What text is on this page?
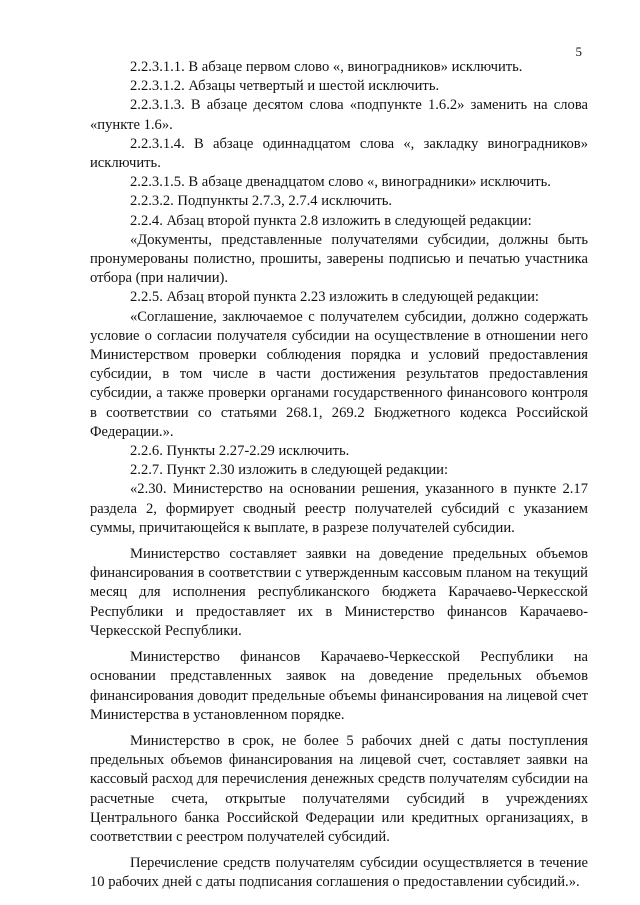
5

2.2.3.1.1. В абзаце первом слово «, виноградников» исключить.

2.2.3.1.2. Абзацы четвертый и шестой исключить.

2.2.3.1.3. В абзаце десятом слова «подпункте 1.6.2» заменить на слова «пункте 1.6».

2.2.3.1.4. В абзаце одиннадцатом слова «, закладку виноградников» исключить.

2.2.3.1.5. В абзаце двенадцатом слово «, виноградники» исключить.

2.2.3.2. Подпункты 2.7.3, 2.7.4 исключить.

2.2.4. Абзац второй пункта 2.8 изложить в следующей редакции:

«Документы, представленные получателями субсидии, должны быть пронумерованы полистно, прошиты, заверены подписью и печатью участника отбора (при наличии).

2.2.5. Абзац второй пункта 2.23 изложить в следующей редакции:

«Соглашение, заключаемое с получателем субсидии, должно содержать условие о согласии получателя субсидии на осуществление в отношении него Министерством проверки соблюдения порядка и условий предоставления субсидии, в том числе в части достижения результатов предоставления субсидии, а также проверки органами государственного финансового контроля в соответствии со статьями 268.1, 269.2 Бюджетного кодекса Российской Федерации.».

2.2.6. Пункты 2.27-2.29 исключить.

2.2.7. Пункт 2.30 изложить в следующей редакции:

«2.30. Министерство на основании решения, указанного в пункте 2.17 раздела 2, формирует сводный реестр получателей субсидий с указанием суммы, причитающейся к выплате, в разрезе получателей субсидии.

Министерство составляет заявки на доведение предельных объемов финансирования в соответствии с утвержденным кассовым планом на текущий месяц для исполнения республиканского бюджета Карачаево-Черкесской Республики и предоставляет их в Министерство финансов Карачаево-Черкесской Республики.

Министерство финансов Карачаево-Черкесской Республики на основании представленных заявок на доведение предельных объемов финансирования доводит предельные объемы финансирования на лицевой счет Министерства в установленном порядке.

Министерство в срок, не более 5 рабочих дней с даты поступления предельных объемов финансирования на лицевой счет, составляет заявки на кассовый расход для перечисления денежных средств получателям субсидии на расчетные счета, открытые получателями субсидий в учреждениях Центрального банка Российской Федерации или кредитных организациях, в соответствии с реестром получателей субсидий.

Перечисление средств получателям субсидии осуществляется в течение 10 рабочих дней с даты подписания соглашения о предоставлении субсидий.».
